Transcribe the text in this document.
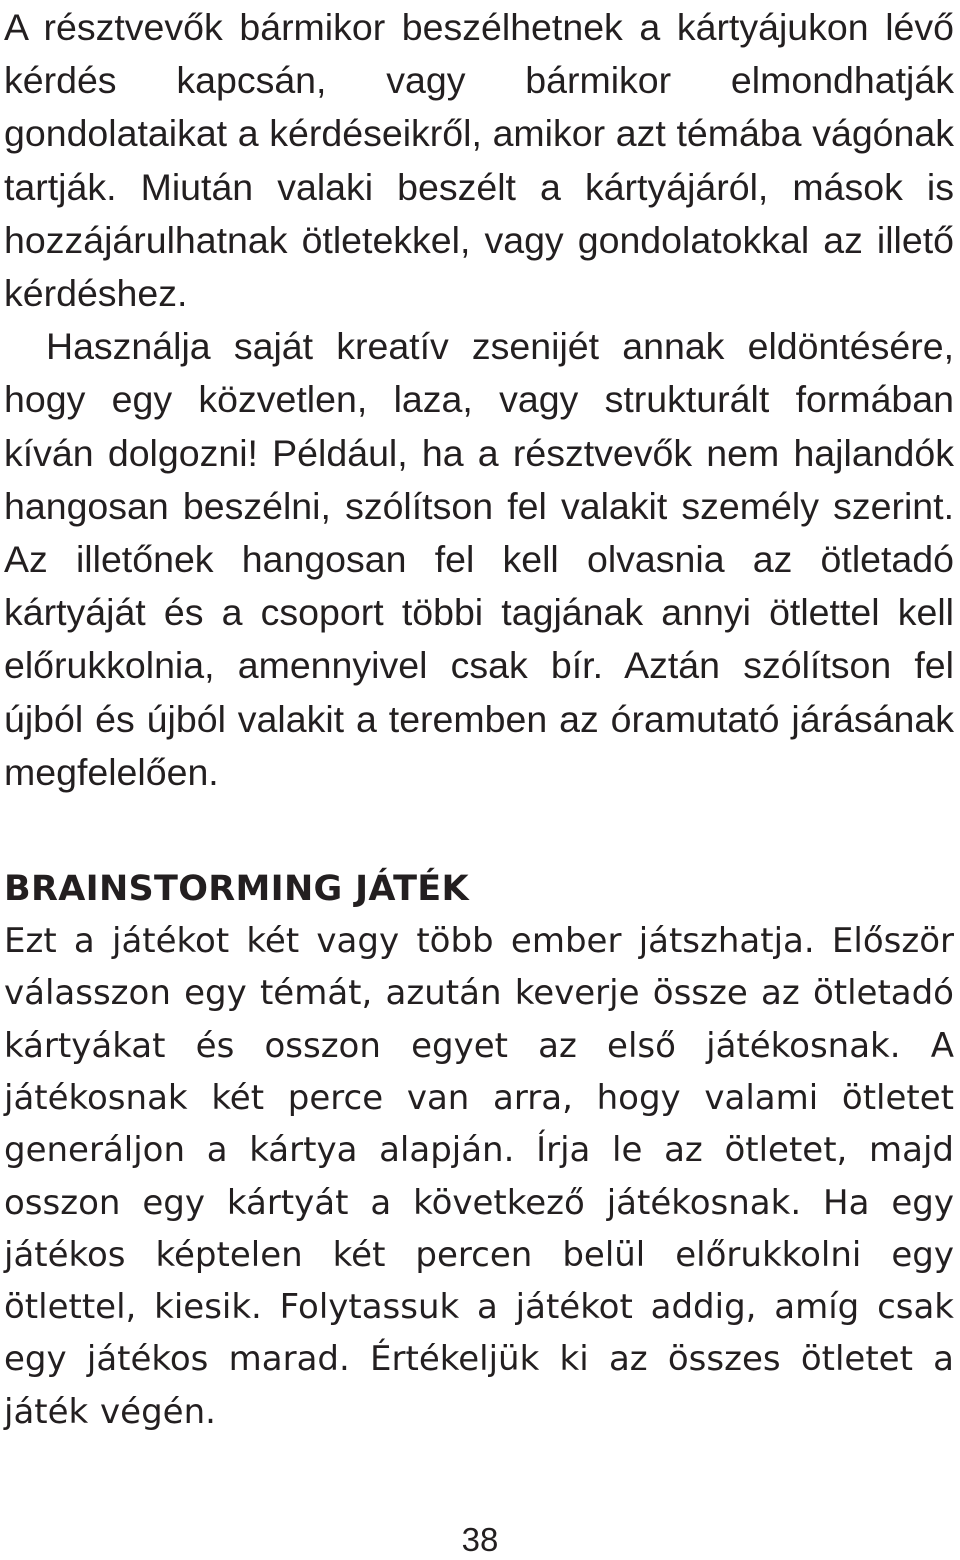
A résztvevők bármikor beszélhetnek a kártyájukon lévő kérdés kapcsán, vagy bármikor elmondhatják gondolataikat a kérdéseikről, amikor azt témába vágónak tartják. Miután valaki beszélt a kártyájáról, mások is hozzájárulhatnak ötletekkel, vagy gondolatokkal az illető kérdéshez.

Használja saját kreatív zsenijét annak eldöntésére, hogy egy közvetlen, laza, vagy strukturált formában kíván dolgozni! Például, ha a résztvevők nem hajlandók hangosan beszélni, szólítson fel valakit személy szerint. Az illetőnek hangosan fel kell olvasnia az ötletadó kártyáját és a csoport többi tagjának annyi ötlettel kell előrukkolnia, amennyivel csak bír. Aztán szólítson fel újból és újból valakit a teremben az óramutató járásának megfelelően.

BRAINSTORMING JÁTÉK

Ezt a játékot két vagy több ember játszhatja. Először válasszon egy témát, azután keverje össze az ötletadó kártyákat és osszon egyet az első játékosnak. A játékosnak két perce van arra, hogy valami ötletet generáljon a kártya alapján. Írja le az ötletet, majd osszon egy kártyát a következő játékosnak. Ha egy játékos képtelen két percen belül előrukkolni egy ötlettel, kiesik. Folytassuk a játékot addig, amíg csak egy játékos marad. Értékeljük ki az összes ötletet a játék végén.

38
